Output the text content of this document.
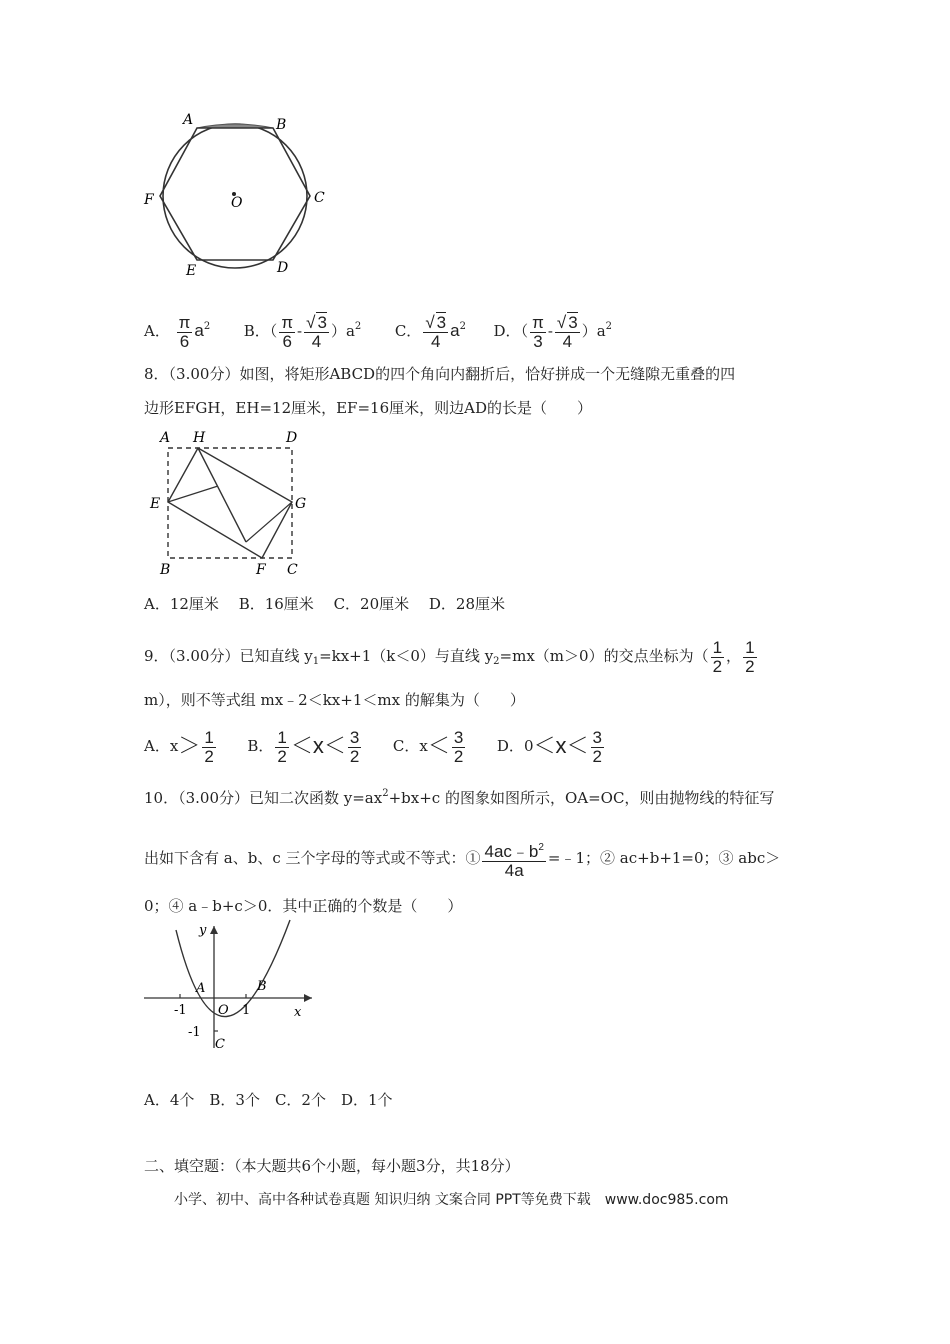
A	B
C
D
E
F	O
A． $\frac{\pi}{6} a^2$ B．（ $\frac{\pi}{6} - \frac{√ 3}{4} )a^2$ C． $\frac{√ 3}{4} a^2$ D．（ $\frac{\pi}{3} - \frac{√ 3}{4} )a^2$
8．（3.00分）如图，将矩形ABCD的四个角向内翻折后，恰好拼成一个无缝隙无重叠的四
边形EFGH，EH=12厘米，EF=16厘米，则边AD的长是（　　）
A H	D
E	G
B	F C
A．12厘米　 B．16厘米　 C．20厘米　 D．28厘米
9．（3.00分）已知直线 $y_1=kx+1(k<0)$与直线 $y_2=mx(m>0)$的交点坐标为（ $\frac{1}{2}$ ， $\frac{1}{2}$
m），则不等式组 mx﹣2＜kx+1＜mx 的解集为（　　）
A．$x> \frac{1}{2}$ B． $\frac{1}{2} <x< \frac{3}{2}$ C．$x< \frac{3}{2}$ D．$0<x< \frac{3}{2}$
10．（3.00分）已知二次函数 $y=ax^2+bx+c$ 的图象如图所示，OA=OC，则由抛物线的特征写
出如下含有 a、b、c 三个字母的等式或不等式：① $\frac{4ac﹣b^2}{4a}$ =﹣1；② ac+b+1=0；③ abc＞
0；④ a﹣b+c＞0．其中正确的个数是（　　）
y
A	B
O 1
-1	x
-1
C
A．4个　B．3个　C．2个　D．1个
二、填空题：（本大题共6个小题，每小题3分，共18分）
小学、初中、高中各种试卷真题 知识归纳 文案合同 PPT等免费下载　www.doc985.com
